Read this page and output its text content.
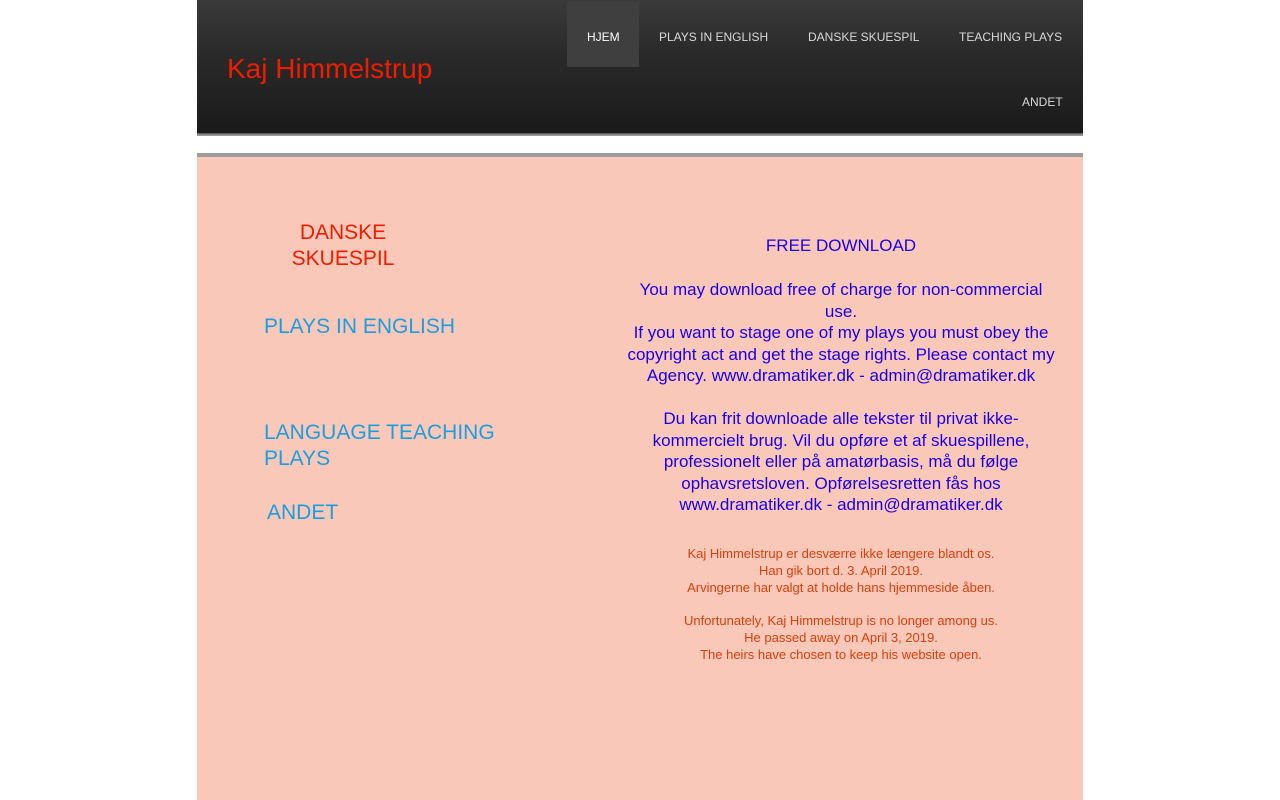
Kaj Himmelstrup
HJEM	PLAYS IN ENGLISH	DANSKE SKUESPIL	TEACHING PLAYS
ANDET
DANSKE
SKUESPIL
PLAYS IN ENGLISH
LANGUAGE TEACHING
PLAYS
ANDET
FREE DOWNLOAD
You may download free of charge for non-commercial
use.
If you want to stage one of my plays you must obey the
copyright act and get the stage rights. Please contact my
Agency. www.dramatiker.dk - admin@dramatiker.dk
Du kan frit downloade alle tekster til privat ikke-
kommercielt brug. Vil du opføre et af skuespillene,
professionelt eller på amatørbasis, må du følge
ophavsretsloven. Opførelsesretten fås hos
www.dramatiker.dk - admin@dramatiker.dk
Kaj Himmelstrup er desværre ikke længere blandt os.
Han gik bort d. 3. April 2019.
Arvingerne har valgt at holde hans hjemmeside åben.
Unfortunately, Kaj Himmelstrup is no longer among us.
He passed away on April 3, 2019.
The heirs have chosen to keep his website open.
